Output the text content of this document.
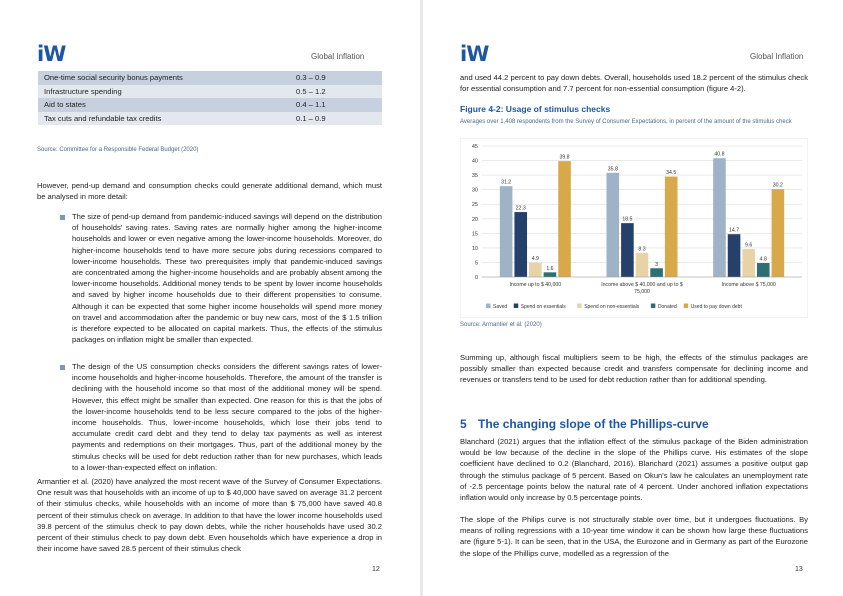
iW	Global Inflation
One-time social security bonus payments	0.3 – 0.9
Infrastructure spending	0.5 – 1.2
Aid to states	0.4 – 1.1
Tax cuts and refundable tax credits	0.1 – 0.9
Source: Committee for a Responsible Federal Budget (2020)
However, pend-up demand and consumption checks could generate additional demand, which must be analysed in more detail:
The size of pend-up demand from pandemic-induced savings will depend on the distribution of households' saving rates. Saving rates are normally higher among the higher-income households and lower or even negative among the lower-income households. Moreover, do higher-income households tend to have more secure jobs during recessions compared to lower-income households. These two prerequisites imply that pandemic-induced savings are concentrated among the higher-income households and are probably absent among the lower-income households. Additional money tends to be spent by lower income households and saved by higher income households due to their different propensities to consume. Although it can be expected that some higher income households will spend more money on travel and accommodation after the pandemic or buy new cars, most of the $ 1.5 trillion is therefore expected to be allocated on capital markets. Thus, the effects of the stimulus packages on inflation might be smaller than expected.
The design of the US consumption checks considers the different savings rates of lower-income households and higher-income households. Therefore, the amount of the transfer is declining with the household income so that most of the additional money will be spend. However, this effect might be smaller than expected. One reason for this is that the jobs of the lower-income households tend to be less secure compared to the jobs of the higher-income households. Thus, lower-income households, which lose their jobs tend to accumulate credit card debt and they tend to delay tax payments as well as interest payments and redemptions on their mortgages. Thus, part of the additional money by the stimulus checks will be used for debt reduction rather than for new purchases, which leads to a lower-than-expected effect on inflation.
Armantier et al. (2020) have analyzed the most recent wave of the Survey of Consumer Expectations. One result was that households with an income of up to $ 40,000 have saved on average 31.2 percent of their stimulus checks, while households with an income of more than $ 75,000 have saved 40.8 percent of their stimulus check on average. In addition to that have the lower income households used 39.8 percent of the stimulus check to pay down debts, while the richer households have used 30.2 percent of their stimulus check to pay down debt. Even households which have experience a drop in their income have saved 28.5 percent of their stimulus check
12
iW	Global Inflation
and used 44.2 percent to pay down debts. Overall, households used 18.2 percent of the stimulus check for essential consumption and 7.7 percent for non-essential consumption (figure 4-2).
Figure 4-2: Usage of stimulus checks
Averages over 1,408 respondents from the Survey of Consumer Expectations, in percent of the amount of the stimulus check
0
5
10
15
20
25
30
35
40
45
31.2
22.3
4.9
1.6
39.8
Income up to $ 40,000
35.8
18.5
8.3
3
34.5
Income above $ 40,000 and up to $
75,000
40.8
14.7
9.6
4.8
30.2
Income above $ 75,000
Saved	Spend on essentials	Spend on non-essentials	Donated	Used to pay down debt
Source: Armantier et al. (2020)
Summing up, although fiscal multipliers seem to be high, the effects of the stimulus packages are possibly smaller than expected because credit and transfers compensate for declining income and revenues or transfers tend to be used for debt reduction rather than for additional spending.
5 The changing slope of the Phillips-curve
Blanchard (2021) argues that the inflation effect of the stimulus package of the Biden administration would be low because of the decline in the slope of the Phillips curve. His estimates of the slope coefficient have declined to 0.2 (Blanchard, 2016). Blanchard (2021) assumes a positive output gap through the stimulus package of 5 percent. Based on Okun's law he calculates an unemployment rate of -2.5 percentage points below the natural rate of 4 percent. Under anchored inflation expectations inflation would only increase by 0.5 percentage points.
The slope of the Philips curve is not structurally stable over time, but it undergoes fluctuations. By means of rolling regressions with a 10-year time window it can be shown how large these fluctuations are (figure 5-1). It can be seen, that in the USA, the Eurozone and in Germany as part of the Eurozone the slope of the Phillips curve, modelled as a regression of the
13
